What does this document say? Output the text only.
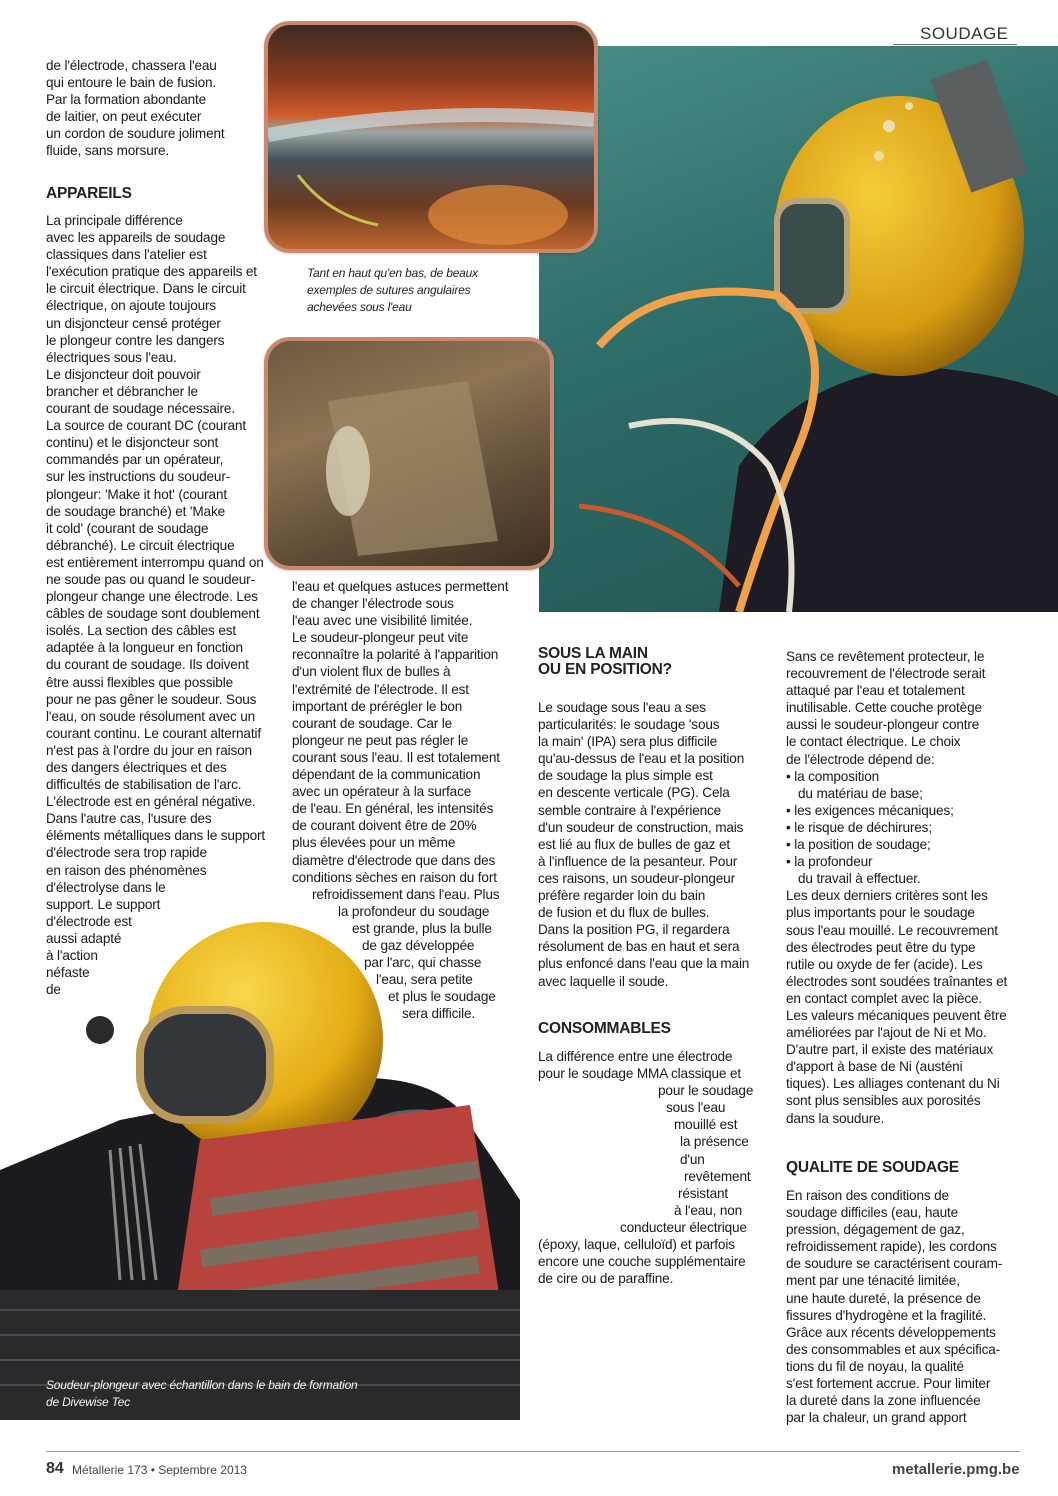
SOUDAGE
Tant en haut qu'en bas, de beaux
exemples de sutures angulaires
achevées sous l'eau
Soudeur-plongeur avec échantillon dans le bain de formation
de Divewise Tec
de l'électrode, chassera l'eau
qui entoure le bain de fusion.
Par la formation abondante
de laitier, on peut exécuter
un cordon de soudure joliment
fluide, sans morsure.
APPAREILS
La principale différence
avec les appareils de soudage
classiques dans l'atelier est
l'exécution pratique des appareils et
le circuit électrique. Dans le circuit
électrique, on ajoute toujours
un disjoncteur censé protéger
le plongeur contre les dangers
électriques sous l'eau.
Le disjoncteur doit pouvoir
brancher et débrancher le
courant de soudage nécessaire.
La source de courant DC (courant
continu) et le disjoncteur sont
commandés par un opérateur,
sur les instructions du soudeur-
plongeur: 'Make it hot' (courant
de soudage branché) et 'Make
it cold' (courant de soudage
débranché). Le circuit électrique
est entièrement interrompu quand on
ne soude pas ou quand le soudeur-
plongeur change une électrode. Les
câbles de soudage sont doublement
isolés. La section des câbles est
adaptée à la longueur en fonction
du courant de soudage. Ils doivent
être aussi flexibles que possible
pour ne pas gêner le soudeur. Sous
l'eau, on soude résolument avec un
courant continu. Le courant alternatif
n'est pas à l'ordre du jour en raison
des dangers électriques et des
difficultés de stabilisation de l'arc.
L'électrode est en général négative.
Dans l'autre cas, l'usure des
éléments métalliques dans le support
d'électrode sera trop rapide
en raison des phénomènes
d'électrolyse dans le
support. Le support
d'électrode est
aussi adapté
à l'action
néfaste
de
l'eau et quelques astuces permettent
de changer l'électrode sous
l'eau avec une visibilité limitée.
Le soudeur-plongeur peut vite
reconnaître la polarité à l'apparition
d'un violent flux de bulles à
l'extrémité de l'électrode. Il est
important de prérégler le bon
courant de soudage. Car le
plongeur ne peut pas régler le
courant sous l'eau. Il est totalement
dépendant de la communication
avec un opérateur à la surface
de l'eau. En général, les intensités
de courant doivent être de 20%
plus élevées pour un même
diamètre d'électrode que dans des
conditions sèches en raison du fort
refroidissement dans l'eau. Plus
la profondeur du soudage
est grande, plus la bulle
de gaz développée
par l'arc, qui chasse
l'eau, sera petite
et plus le soudage
sera difficile.
SOUS LA MAIN
OU EN POSITION?
Le soudage sous l'eau a ses
particularités: le soudage 'sous
la main' (IPA) sera plus difficile
qu'au-dessus de l'eau et la position
de soudage la plus simple est
en descente verticale (PG). Cela
semble contraire à l'expérience
d'un soudeur de construction, mais
est lié au flux de bulles de gaz et
à l'influence de la pesanteur. Pour
ces raisons, un soudeur-plongeur
préfère regarder loin du bain
de fusion et du flux de bulles.
Dans la position PG, il regardera
résolument de bas en haut et sera
plus enfoncé dans l'eau que la main
avec laquelle il soude.
CONSOMMABLES
La différence entre une électrode
pour le soudage MMA classique et
pour le soudage
sous l'eau
mouillé est
la présence
d'un
revêtement
résistant
à l'eau, non
conducteur électrique
(époxy, laque, celluloïd) et parfois
encore une couche supplémentaire
de cire ou de paraffine.
Sans ce revêtement protecteur, le
recouvrement de l'électrode serait
attaqué par l'eau et totalement
inutilisable. Cette couche protège
aussi le soudeur-plongeur contre
le contact électrique. Le choix
de l'électrode dépend de:
• la composition
du matériau de base;
• les exigences mécaniques;
• le risque de déchirures;
• la position de soudage;
• la profondeur
du travail à effectuer.
Les deux derniers critères sont les
plus importants pour le soudage
sous l'eau mouillé. Le recouvrement
des électrodes peut être du type
rutile ou oxyde de fer (acide). Les
électrodes sont soudées traînantes et
en contact complet avec la pièce.
Les valeurs mécaniques peuvent être
améliorées par l'ajout de Ni et Mo.
D'autre part, il existe des matériaux
d'apport à base de Ni (austéni
tiques). Les alliages contenant du Ni
sont plus sensibles aux porosités
dans la soudure.
QUALITE DE SOUDAGE
En raison des conditions de
soudage difficiles (eau, haute
pression, dégagement de gaz,
refroidissement rapide), les cordons
de soudure se caractérisent couram-
ment par une ténacité limitée,
une haute dureté, la présence de
fissures d'hydrogène et la fragilité.
Grâce aux récents développements
des consommables et aux spécifica-
tions du fil de noyau, la qualité
s'est fortement accrue. Pour limiter
la dureté dans la zone influencée
par la chaleur, un grand apport
84 Métallerie 173 • Septembre 2013	metallerie.pmg.be
